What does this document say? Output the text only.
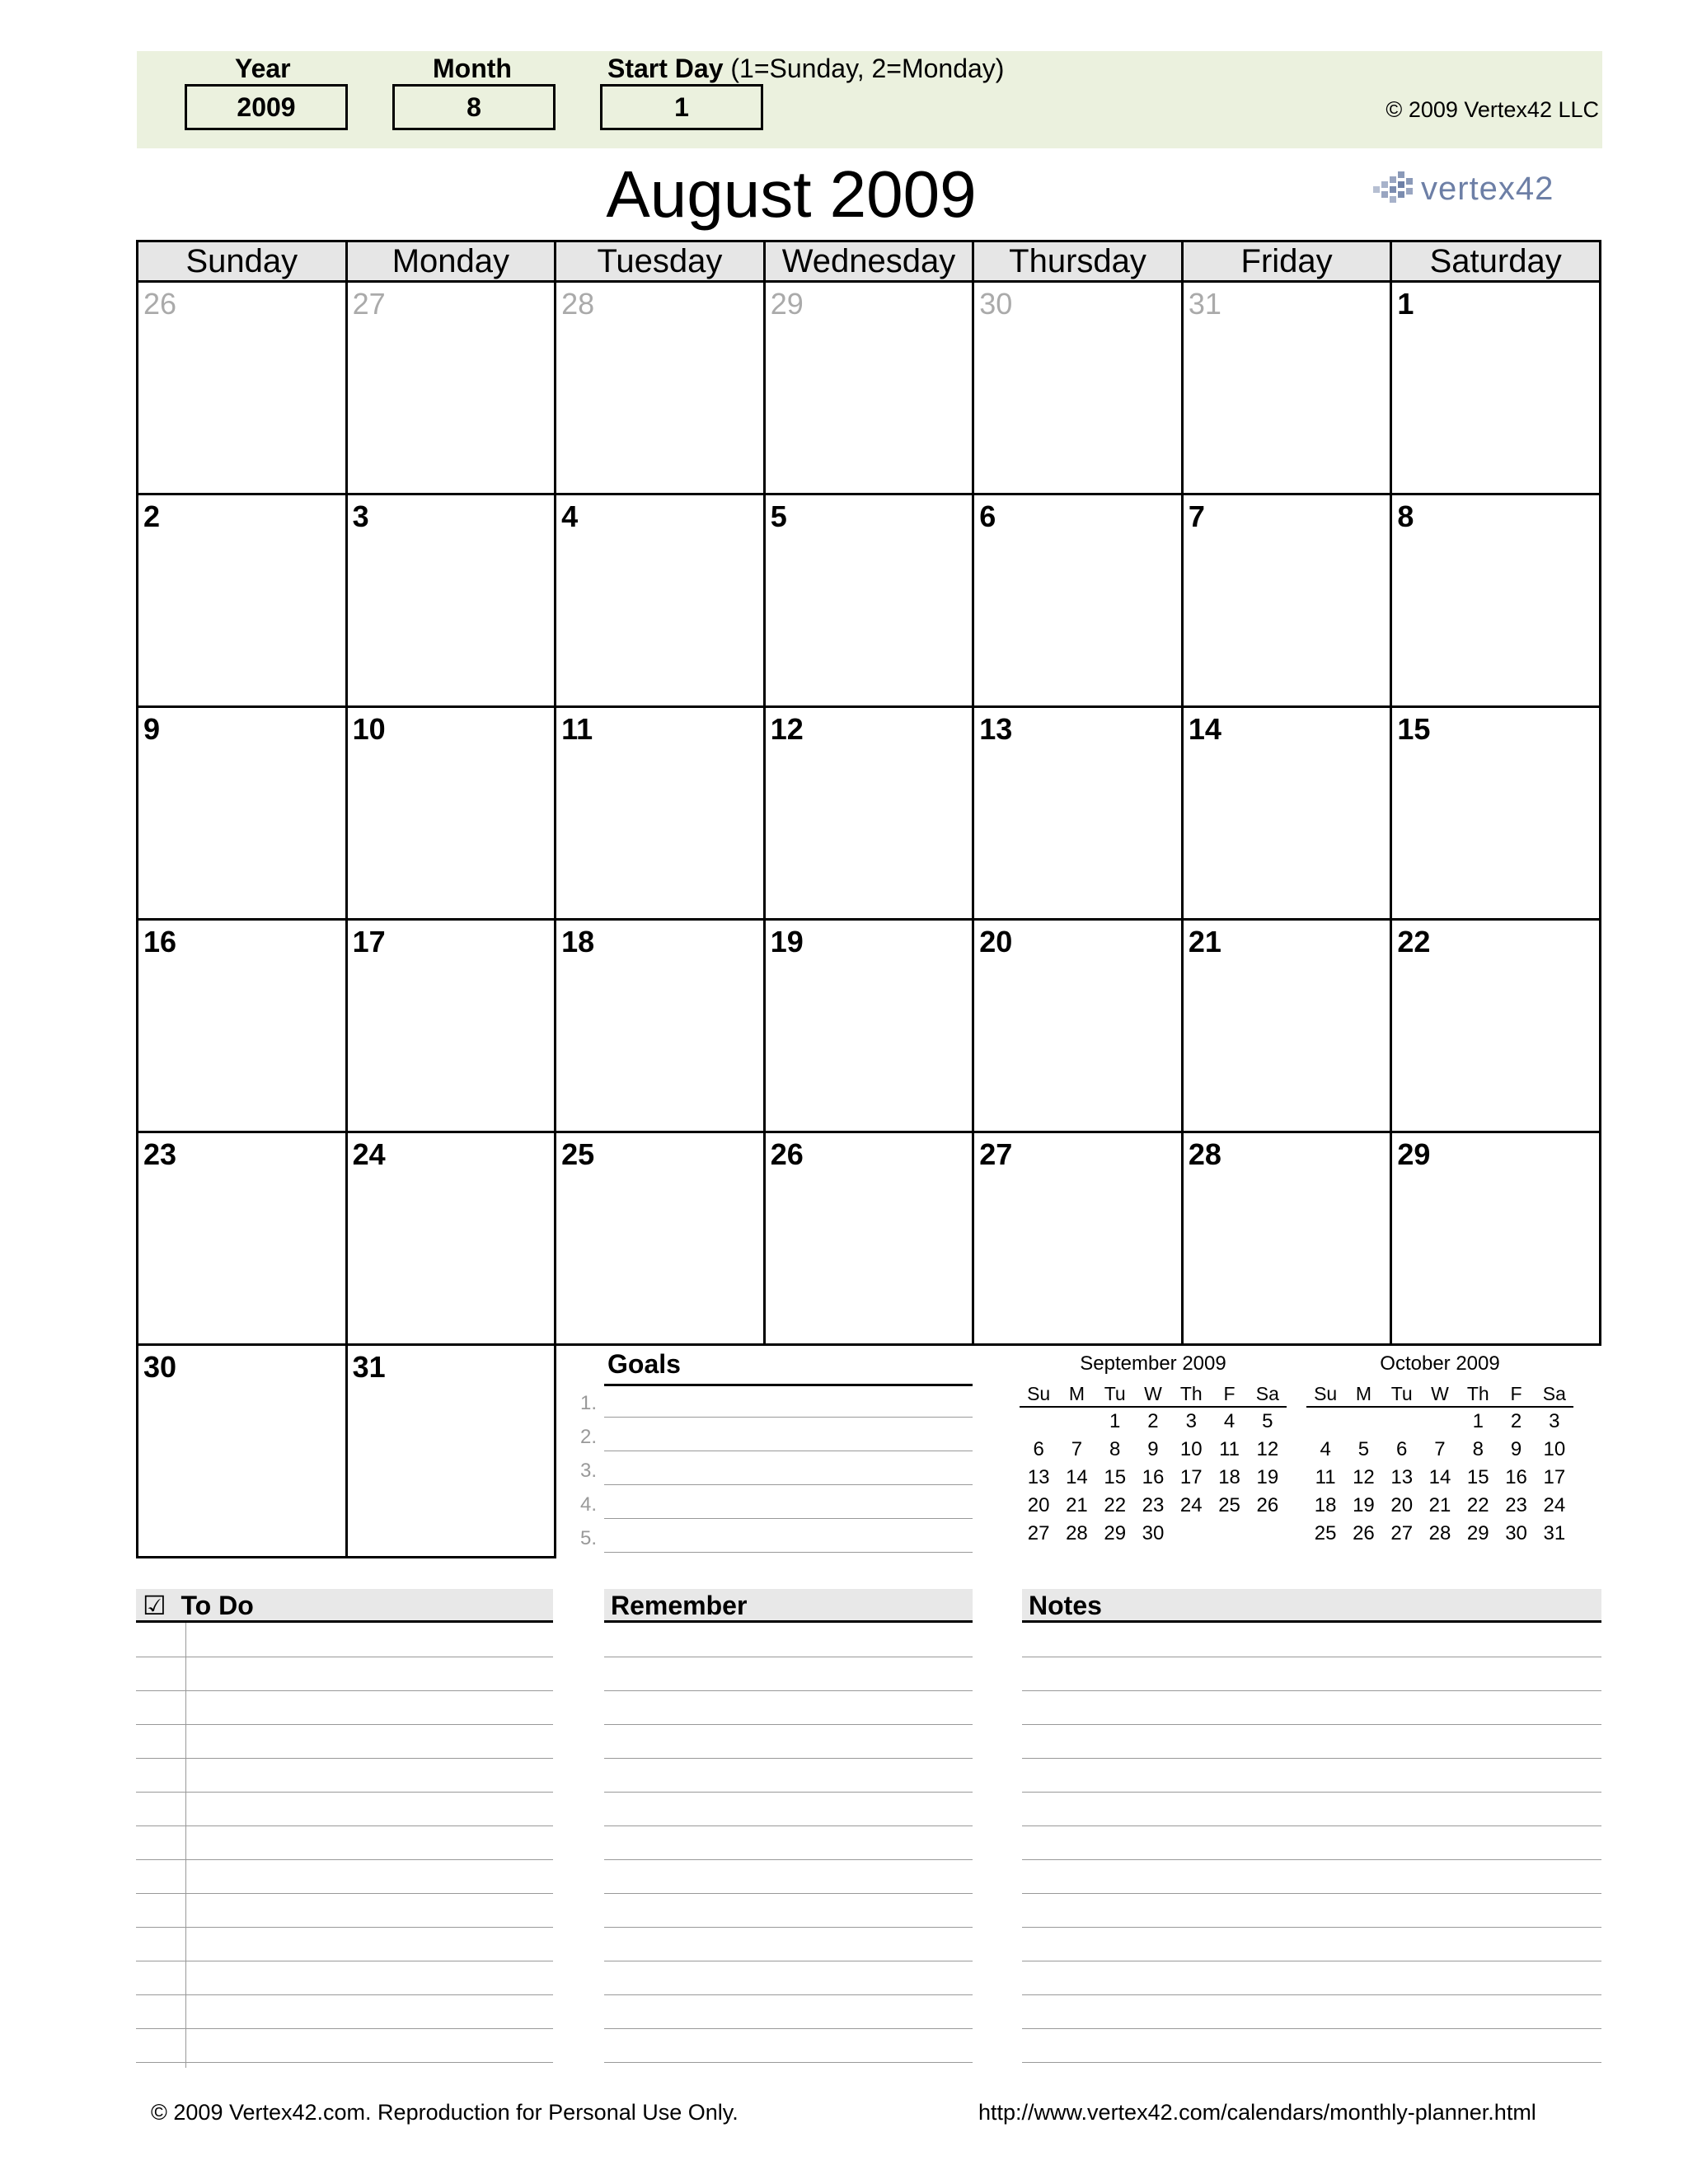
Year
2009
Month
8
Start Day (1=Sunday, 2=Monday)
1	© 2009 Vertex42 LLC
August 2009	vertex42
Sunday	Monday	Tuesday	Wednesday	Thursday	Friday	Saturday

26	27	28	29	30	31	1

2	3	4	5	6	7	8

9	10	11	12	13	14	15

16	17	18	19	20	21	22

23	24	25	26	27	28	29

30	31					
						Goals
1.
2.
3.
4.
5.
September 2009
Su	M	Tu	W	Th	F	Sa
		1	2	3	4	5
6	7	8	9	10	11	12
13	14	15	16	17	18	19
20	21	22	23	24	25	26
27	28	29	30			
October 2009
Su	M	Tu	W	Th	F	Sa
				1	2	3
4	5	6	7	8	9	10
11	12	13	14	15	16	17
18	19	20	21	22	23	24
25	26	27	28	29	30	31
☑ To Do	Remember	Notes
© 2009 Vertex42.com. Reproduction for Personal Use Only.	http://www.vertex42.com/calendars/monthly-planner.html
